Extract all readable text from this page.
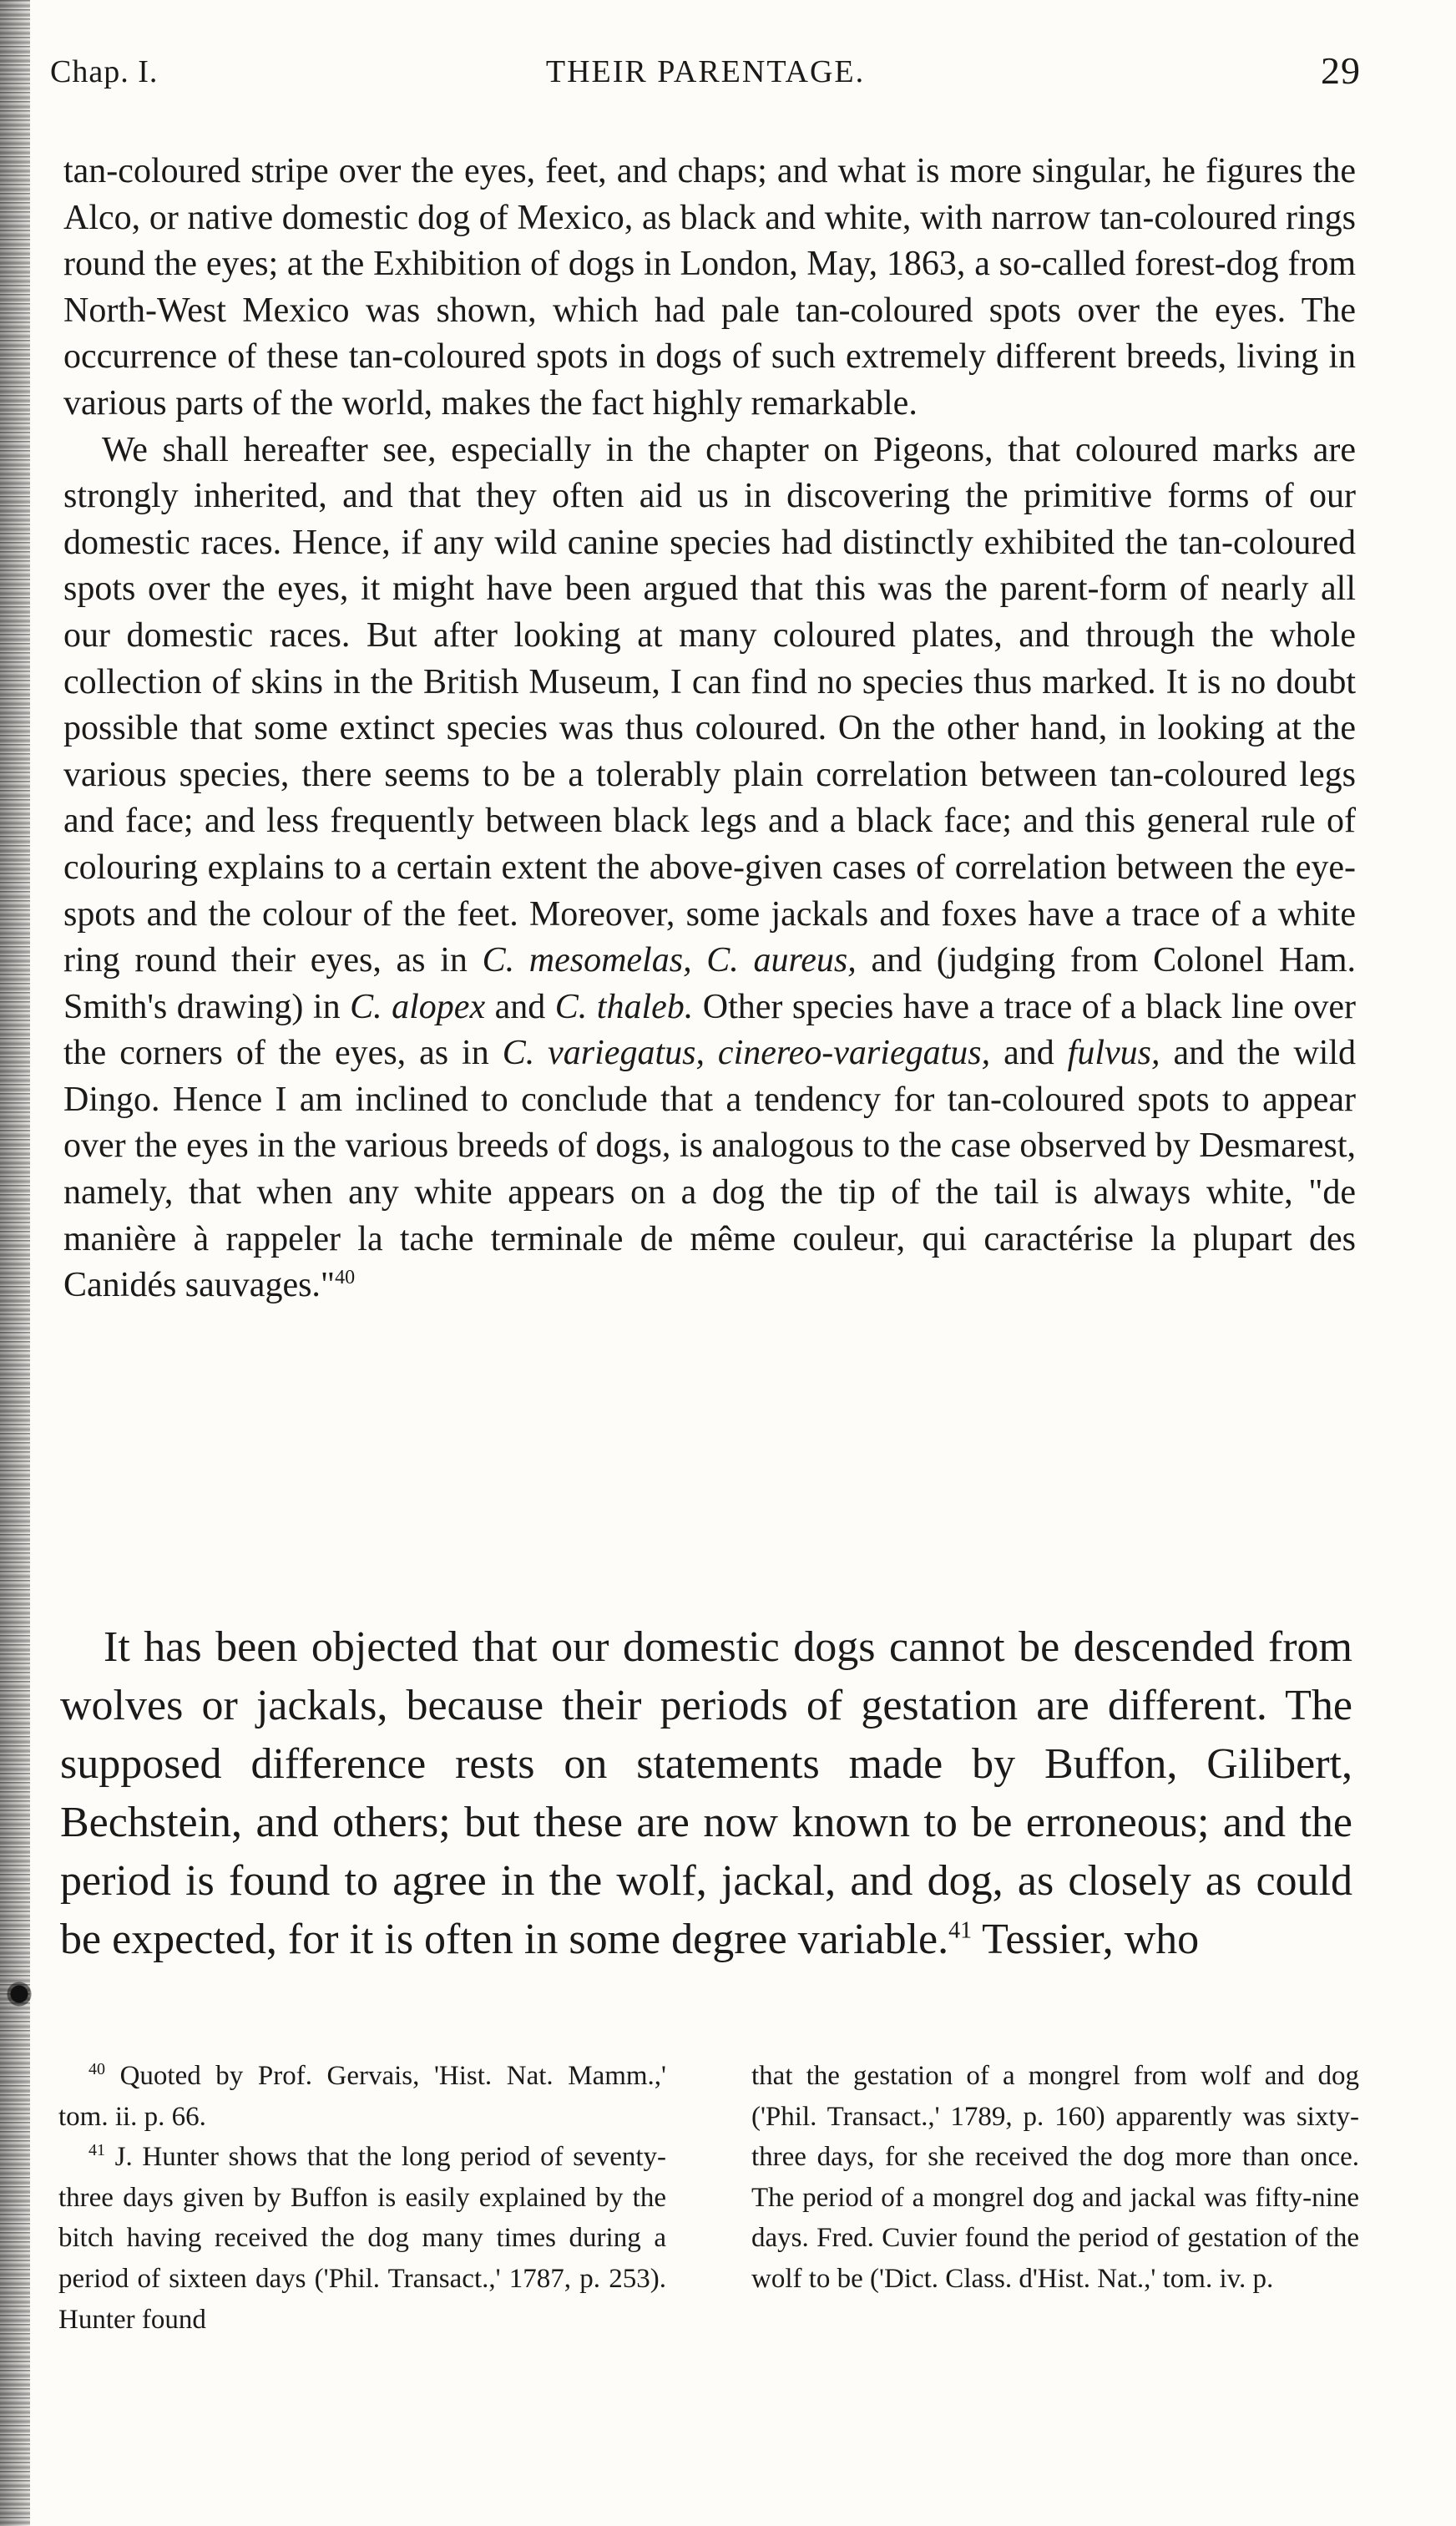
Chap. I.	THEIR PARENTAGE.	29

tan-coloured stripe over the eyes, feet, and chaps; and what is more singular, he figures the Alco, or native domestic dog of Mexico, as black and white, with narrow tan-coloured rings round the eyes; at the Exhibition of dogs in London, May, 1863, a so-called forest-dog from North-West Mexico was shown, which had pale tan-coloured spots over the eyes. The occurrence of these tan-coloured spots in dogs of such extremely different breeds, living in various parts of the world, makes the fact highly remarkable.

We shall hereafter see, especially in the chapter on Pigeons, that coloured marks are strongly inherited, and that they often aid us in discovering the primitive forms of our domestic races. Hence, if any wild canine species had distinctly exhibited the tan-coloured spots over the eyes, it might have been argued that this was the parent-form of nearly all our domestic races. But after looking at many coloured plates, and through the whole collection of skins in the British Museum, I can find no species thus marked. It is no doubt possible that some extinct species was thus coloured. On the other hand, in looking at the various species, there seems to be a tolerably plain correlation between tan-coloured legs and face; and less frequently between black legs and a black face; and this general rule of colouring explains to a certain extent the above-given cases of correlation between the eye-spots and the colour of the feet. Moreover, some jackals and foxes have a trace of a white ring round their eyes, as in C. mesomelas, C. aureus, and (judging from Colonel Ham. Smith's drawing) in C. alopex and C. thaleb. Other species have a trace of a black line over the corners of the eyes, as in C. variegatus, cinereo-variegatus, and fulvus, and the wild Dingo. Hence I am inclined to conclude that a tendency for tan-coloured spots to appear over the eyes in the various breeds of dogs, is analogous to the case observed by Desmarest, namely, that when any white appears on a dog the tip of the tail is always white, "de manière à rappeler la tache terminale de même couleur, qui caractérise la plupart des Canidés sauvages."$^{40}$

It has been objected that our domestic dogs cannot be descended from wolves or jackals, because their periods of gestation are different. The supposed difference rests on statements made by Buffon, Gilibert, Bechstein, and others; but these are now known to be erroneous; and the period is found to agree in the wolf, jackal, and dog, as closely as could be expected, for it is often in some degree variable.$^{41}$ Tessier, who

$^{40}$ Quoted by Prof. Gervais, 'Hist. Nat. Mamm.,' tom. ii. p. 66.

$^{41}$ J. Hunter shows that the long period of seventy-three days given by Buffon is easily explained by the bitch having received the dog many times during a period of sixteen days ('Phil. Transact.,' 1787, p. 253). Hunter found

that the gestation of a mongrel from wolf and dog ('Phil. Transact.,' 1789, p. 160) apparently was sixty-three days, for she received the dog more than once. The period of a mongrel dog and jackal was fifty-nine days. Fred. Cuvier found the period of gestation of the wolf to be ('Dict. Class. d'Hist. Nat.,' tom. iv. p.
